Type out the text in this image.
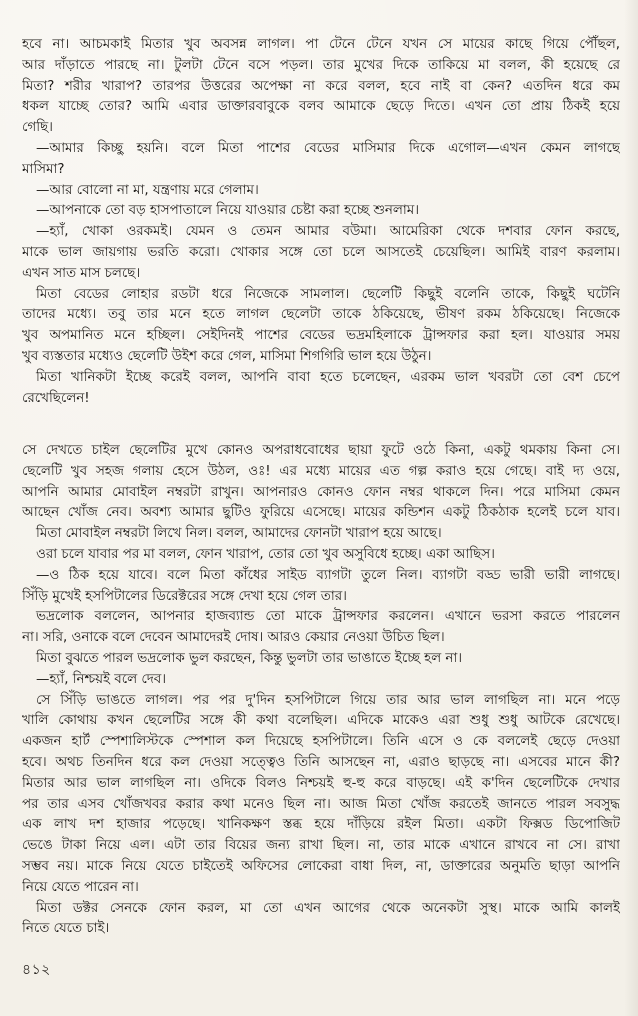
হবে না। আচমকাই মিতার খুব অবসন্ন লাগল। পা টেনে টেনে যখন সে মায়ের কাছে গিয়ে পৌঁছল,
আর দাঁড়াতে পারছে না। টুলটা টেনে বসে পড়ল। তার মুখের দিকে তাকিয়ে মা বলল, কী হয়েছে রে
মিতা? শরীর খারাপ? তারপর উত্তরের অপেক্ষা না করে বলল, হবে নাই বা কেন? এতদিন ধরে কম
ধকল যাচ্ছে তোর? আমি এবার ডাক্তারবাবুকে বলব আমাকে ছেড়ে দিতে। এখন তো প্রায় ঠিকই হয়ে
গেছি।
—আমার কিচ্ছু হয়নি। বলে মিতা পাশের বেডের মাসিমার দিকে এগোল—এখন কেমন লাগছে
মাসিমা?
—আর বোলো না মা, যন্ত্রণায় মরে গেলাম।
—আপনাকে তো বড় হাসপাতালে নিয়ে যাওয়ার চেষ্টা করা হচ্ছে শুনলাম।
—হ্যাঁ, খোকা ওরকমই। যেমন ও তেমন আমার বউমা। আমেরিকা থেকে দশবার ফোন করছে,
মাকে ভাল জায়গায় ভরতি করো। খোকার সঙ্গে তো চলে আসতেই চেয়েছিল। আমিই বারণ করলাম।
এখন সাত মাস চলছে।
মিতা বেডের লোহার রডটা ধরে নিজেকে সামলাল। ছেলেটি কিছুই বলেনি তাকে, কিছুই ঘটেনি
তাদের মধ্যে। তবু তার মনে হতে লাগল ছেলেটা তাকে ঠকিয়েছে, ভীষণ রকম ঠকিয়েছে। নিজেকে
খুব অপমানিত মনে হচ্ছিল। সেইদিনই পাশের বেডের ভদ্রমহিলাকে ট্রান্সফার করা হল। যাওয়ার সময়
খুব ব্যস্ততার মধ্যেও ছেলেটি উইশ করে গেল, মাসিমা শিগগিরি ভাল হয়ে উঠুন।
মিতা খানিকটা ইচ্ছে করেই বলল, আপনি বাবা হতে চলেছেন, এরকম ভাল খবরটা তো বেশ চেপে
রেখেছিলেন!
সে দেখতে চাইল ছেলেটির মুখে কোনও অপরাধবোধের ছায়া ফুটে ওঠে কিনা, একটু থমকায় কিনা সে।
ছেলেটি খুব সহজ গলায় হেসে উঠল, ওঃ! এর মধ্যে মায়ের এত গল্প করাও হয়ে গেছে। বাই দ্য ওয়ে,
আপনি আমার মোবাইল নম্বরটা রাখুন। আপনারও কোনও ফোন নম্বর থাকলে দিন। পরে মাসিমা কেমন
আছেন খোঁজ নেব। অবশ্য আমার ছুটিও ফুরিয়ে এসেছে। মায়ের কন্ডিশন একটু ঠিকঠাক হলেই চলে যাব।
মিতা মোবাইল নম্বরটা লিখে নিল। বলল, আমাদের ফোনটা খারাপ হয়ে আছে।
ওরা চলে যাবার পর মা বলল, ফোন খারাপ, তোর তো খুব অসুবিধে হচ্ছে। একা আছিস।
—ও ঠিক হয়ে যাবে। বলে মিতা কাঁধের সাইড ব্যাগটা তুলে নিল। ব্যাগটা বড্ড ভারী ভারী লাগছে।
সিঁড়ি মুখেই হসপিটালের ডিরেক্টরের সঙ্গে দেখা হয়ে গেল তার।
ভদ্রলোক বললেন, আপনার হাজব্যান্ড তো মাকে ট্রান্সফার করলেন। এখানে ভরসা করতে পারলেন
না। সরি, ওনাকে বলে দেবেন আমাদেরই দোষ। আরও কেয়ার নেওয়া উচিত ছিল।
মিতা বুঝতে পারল ভদ্রলোক ভুল করছেন, কিন্তু ভুলটা তার ভাঙাতে ইচ্ছে হল না।
—হ্যাঁ, নিশ্চয়ই বলে দেব।
সে সিঁড়ি ভাঙতে লাগল। পর পর দু'দিন হসপিটালে গিয়ে তার আর ভাল লাগছিল না। মনে পড়ে
খালি কোথায় কখন ছেলেটির সঙ্গে কী কথা বলেছিল। এদিকে মাকেও এরা শুধু শুধু আটকে রেখেছে।
একজন হার্ট স্পেশালিস্টকে স্পেশাল কল দিয়েছে হসপিটালে। তিনি এসে ও কে বললেই ছেড়ে দেওয়া
হবে। অথচ তিনদিন ধরে কল দেওয়া সত্ত্বেও তিনি আসছেন না, এরাও ছাড়ছে না। এসবের মানে কী?
মিতার আর ভাল লাগছিল না। ওদিকে বিলও নিশ্চয়ই হু-হু করে বাড়ছে। এই ক'দিন ছেলেটিকে দেখার
পর তার এসব খোঁজখবর করার কথা মনেও ছিল না। আজ মিতা খোঁজ করতেই জানতে পারল সবসুদ্ধ
এক লাখ দশ হাজার পড়েছে। খানিকক্ষণ স্তব্ধ হয়ে দাঁড়িয়ে রইল মিতা। একটা ফিক্সড ডিপোজিট
ভেঙে টাকা নিয়ে এল। এটা তার বিয়ের জন্য রাখা ছিল। না, তার মাকে এখানে রাখবে না সে। রাখা
সম্ভব নয়। মাকে নিয়ে যেতে চাইতেই অফিসের লোকেরা বাধা দিল, না, ডাক্তারের অনুমতি ছাড়া আপনি
নিয়ে যেতে পারেন না।
মিতা ডক্টর সেনকে ফোন করল, মা তো এখন আগের থেকে অনেকটা সুস্থ। মাকে আমি কালই
নিতে যেতে চাই।
৪১২
